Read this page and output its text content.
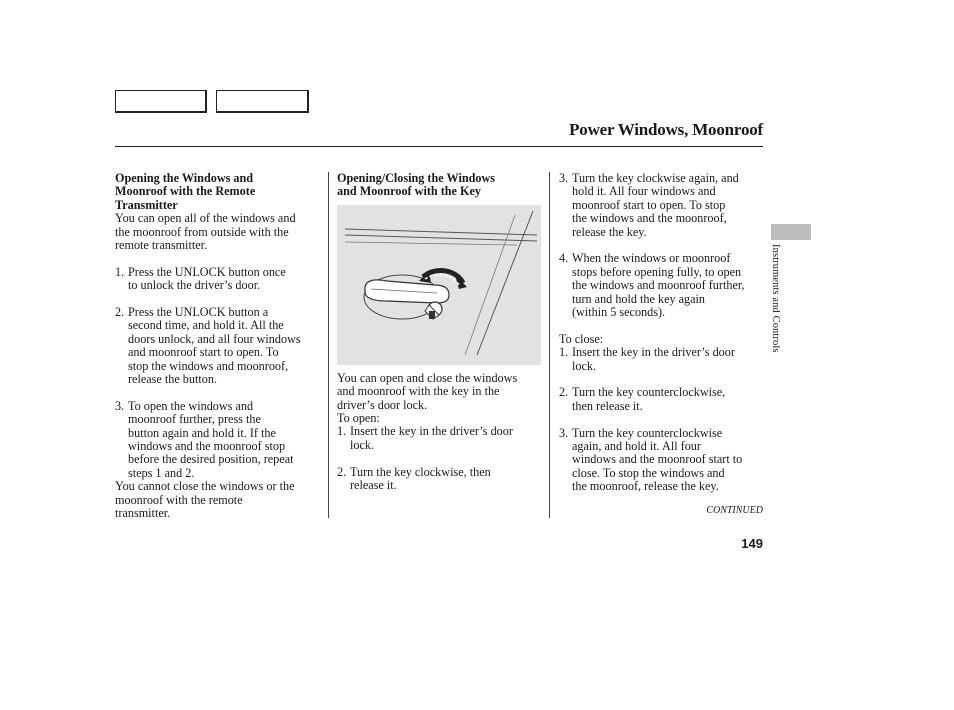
Power Windows, Moonroof

Opening the Windows and
Moonroof with the Remote
Transmitter

You can open all of the windows and
the moonroof from outside with the
remote transmitter.

1. Press the UNLOCK button once
to unlock the driver’s door.
2. Press the UNLOCK button a
second time, and hold it. All the
doors unlock, and all four windows
and moonroof start to open. To
stop the windows and moonroof,
release the button.
3. To open the windows and
moonroof further, press the
button again and hold it. If the
windows and the moonroof stop
before the desired position, repeat
steps 1 and 2.

You cannot close the windows or the
moonroof with the remote
transmitter.

Opening/Closing the Windows
and Moonroof with the Key

You can open and close the windows
and moonroof with the key in the
driver’s door lock.

To open:

1. Insert the key in the driver’s door
lock.
2. Turn the key clockwise, then
release it.
3. Turn the key clockwise again, and
hold it. All four windows and
moonroof start to open. To stop
the windows and the moonroof,
release the key.
4. When the windows or moonroof
stops before opening fully, to open
the windows and moonroof further,
turn and hold the key again
(within 5 seconds).

To close:

1. Insert the key in the driver’s door
lock.
2. Turn the key counterclockwise,
then release it.
3. Turn the key counterclockwise
again, and hold it. All four
windows and the moonroof start to
close. To stop the windows and
the moonroof, release the key.
CONTINUED
149
Instruments and Controls
